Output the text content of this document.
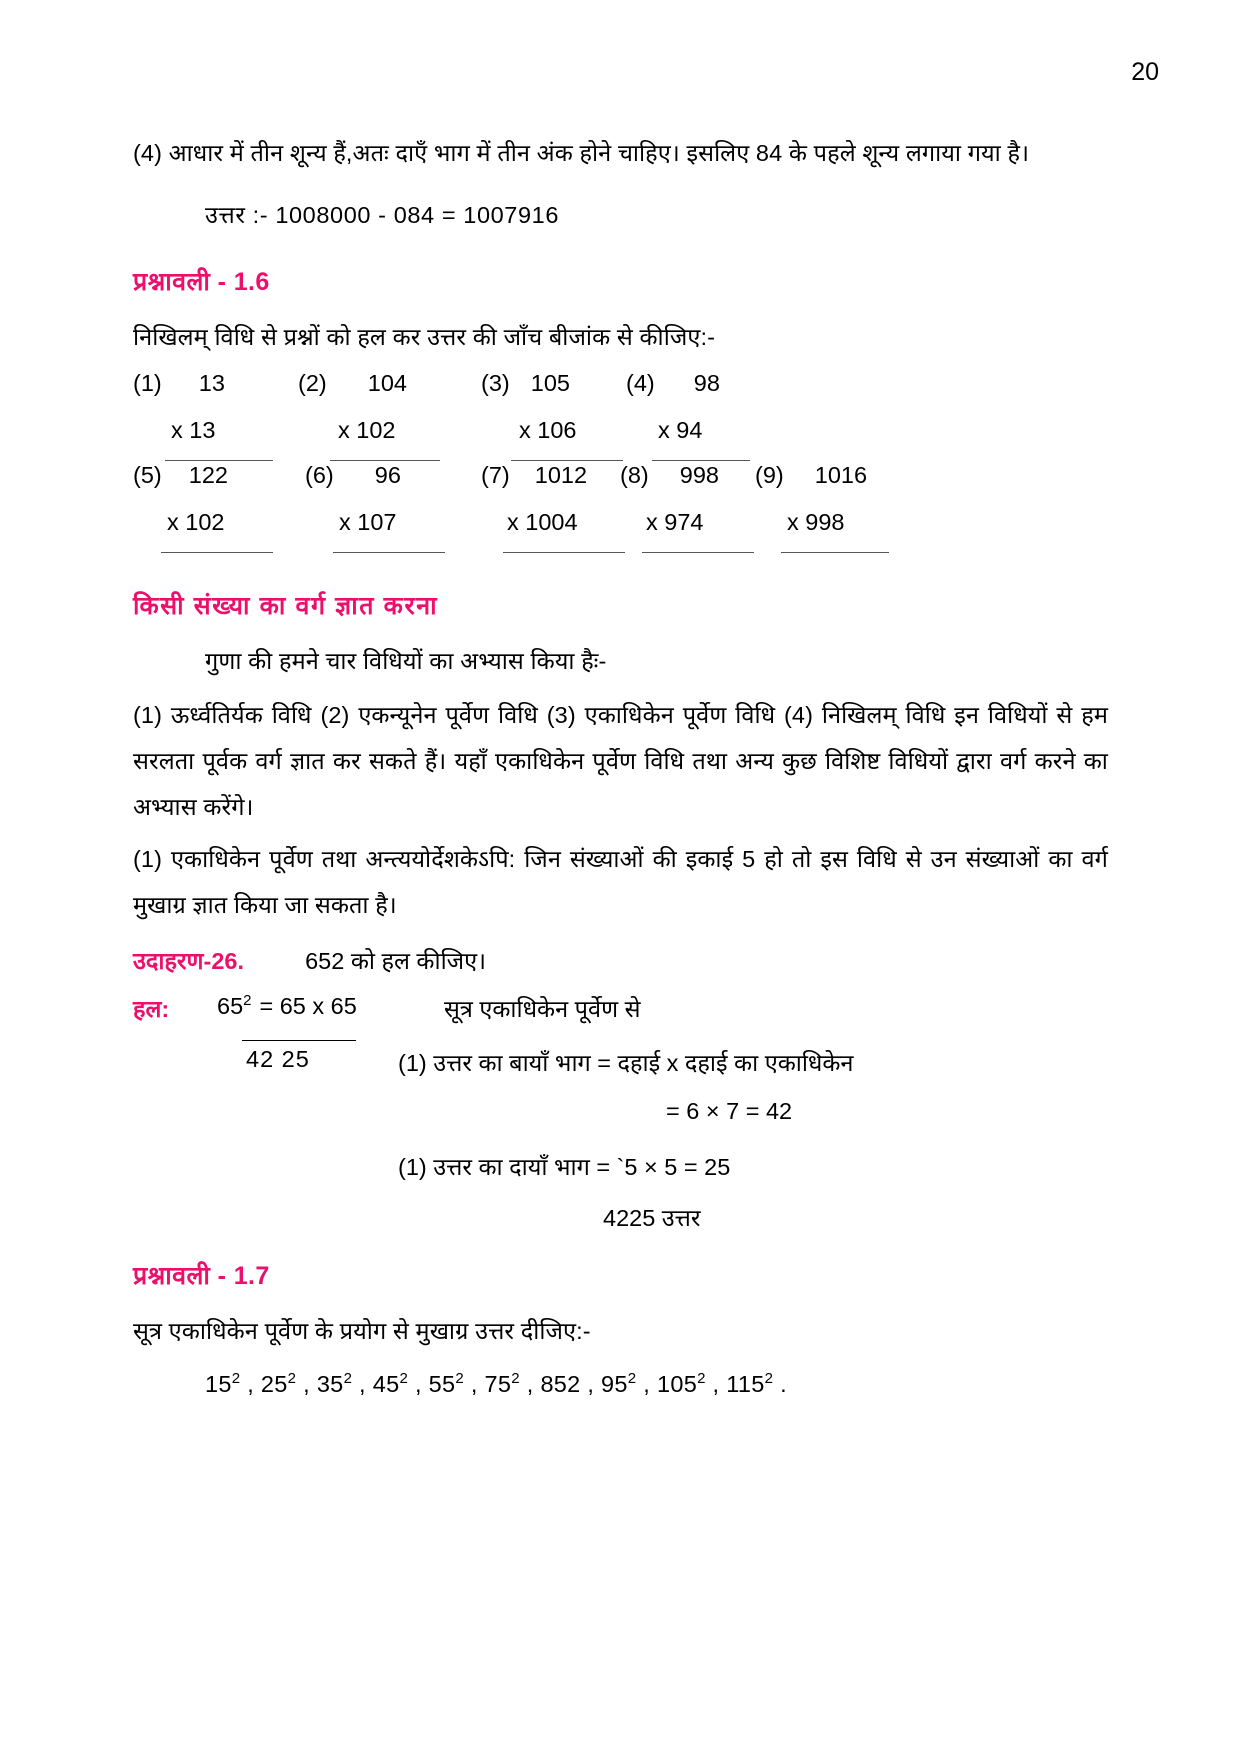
20

(4) आधार में तीन शून्य हैं,अतः दाएँ भाग में तीन अंक होने चाहिए। इसलिए 84 के पहले शून्य लगाया गया है।

उत्तर :- 1008000 - 084 = 1007916
प्रश्नावली - 1.6

निखिलम् विधि से प्रश्नों को हल कर उत्तर की जाँच बीजांक से कीजिए:-

(1) 13
x 13
(2) 104
x 102
(3) 105
x 106
(4) 98
x 94
(5) 122
x 102
(6) 96
x 107
(7) 1012
x 1004
(8) 998
x 974
(9) 1016
x 998
किसी संख्या का वर्ग ज्ञात करना

गुणा की हमने चार विधियों का अभ्यास किया हैः-

(1) ऊर्ध्वतिर्यक विधि (2) एकन्यूनेन पूर्वेण विधि (3) एकाधिकेन पूर्वेण विधि (4) निखिलम् विधि इन विधियों से हम सरलता पूर्वक वर्ग ज्ञात कर सकते हैं। यहाँ एकाधिकेन पूर्वेण विधि तथा अन्य कुछ विशिष्ट विधियों द्वारा वर्ग करने का अभ्यास करेंगे।

(1) एकाधिकेन पूर्वेण तथा अन्त्ययोर्देशकेऽपि: जिन संख्याओं की इकाई 5 हो तो इस विधि से उन संख्याओं का वर्ग मुखाग्र ज्ञात किया जा सकता है।

उदाहरण-26.	652 को हल कीजिए।
हल: $65^2 = 65$ x 65	सूत्र एकाधिकेन पूर्वेण से
42 25	(1) उत्तर का बायाँ भाग = दहाई x दहाई का एकाधिकेन
= 6 × 7 = 42
(1) उत्तर का दायाँ भाग = `5 × 5 = 25
4225 उत्तर
प्रश्नावली - 1.7

सूत्र एकाधिकेन पूर्वेण के प्रयोग से मुखाग्र उत्तर दीजिए:-

$15^2$ , $25^2$ , $35^2$ , $45^2$ , $55^2$ , $75^2$ , 852 , $95^2$ , $105^2$ , $115^2$ .
